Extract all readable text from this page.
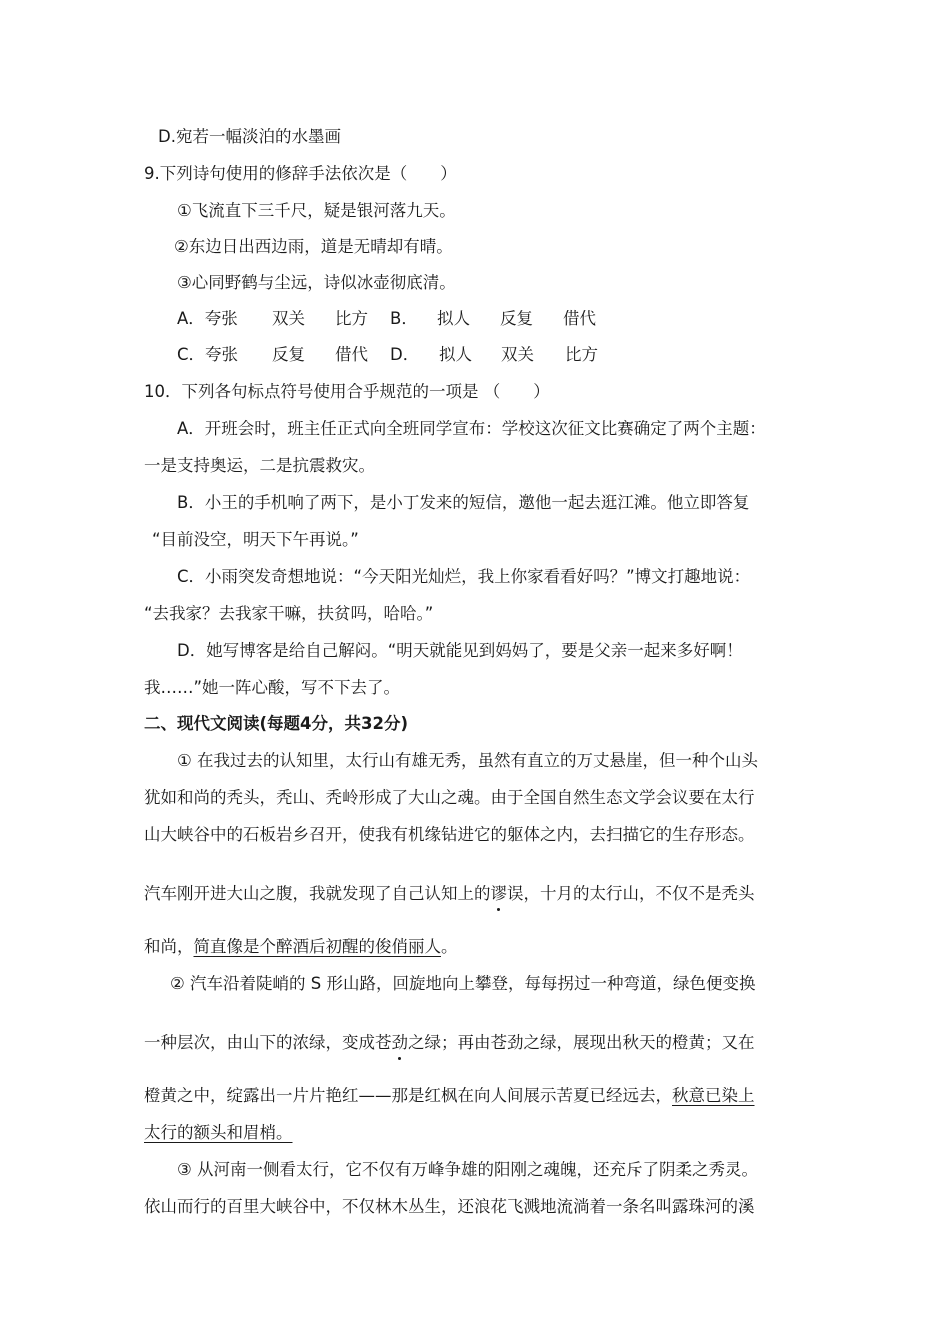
D.宛若一幅淡泊的水墨画
9.下列诗句使用的修辞手法依次是（　　）
①飞流直下三千尺，疑是银河落九天。
②东边日出西边雨，道是无晴却有晴。
③心同野鹤与尘远，诗似冰壶彻底清。
A．夸张 双关 比方 B． 拟人 反复 借代
C．夸张 反复 借代 D． 拟人 双关 比方
10．下列各句标点符号使用合乎规范的一项是 （　　）
A．开班会时，班主任正式向全班同学宣布：学校这次征文比赛确定了两个主题：
一是支持奥运，二是抗震救灾。
B．小王的手机响了两下，是小丁发来的短信，邀他一起去逛江滩。他立即答复
“目前没空，明天下午再说。”
C．小雨突发奇想地说：“今天阳光灿烂，我上你家看看好吗？”博文打趣地说：
“去我家？去我家干嘛，扶贫吗，哈哈。”
D．她写博客是给自己解闷。“明天就能见到妈妈了，要是父亲一起来多好啊！
我……”她一阵心酸，写不下去了。
二、现代文阅读(每题4分，共32分)
① 在我过去的认知里，太行山有雄无秀，虽然有直立的万丈悬崖，但一种个山头
犹如和尚的秃头，秃山、秃岭形成了大山之魂。由于全国自然生态文学会议要在太行
山大峡谷中的石板岩乡召开，使我有机缘钻进它的躯体之内，去扫描它的生存形态。
汽车刚开进大山之腹，我就发现了自己认知上的谬误，十月的太行山，不仅不是秃头
和尚，简直像是个醉酒后初醒的俊俏丽人。
② 汽车沿着陡峭的 S 形山路，回旋地向上攀登，每每拐过一种弯道，绿色便变换
一种层次，由山下的浓绿，变成苍劲之绿；再由苍劲之绿，展现出秋天的橙黄；又在
橙黄之中，绽露出一片片艳红——那是红枫在向人间展示苦夏已经远去，秋意已染上
太行的额头和眉梢。
③ 从河南一侧看太行，它不仅有万峰争雄的阳刚之魂魄，还充斥了阴柔之秀灵。
依山而行的百里大峡谷中，不仅林木丛生，还浪花飞溅地流淌着一条名叫露珠河的溪
